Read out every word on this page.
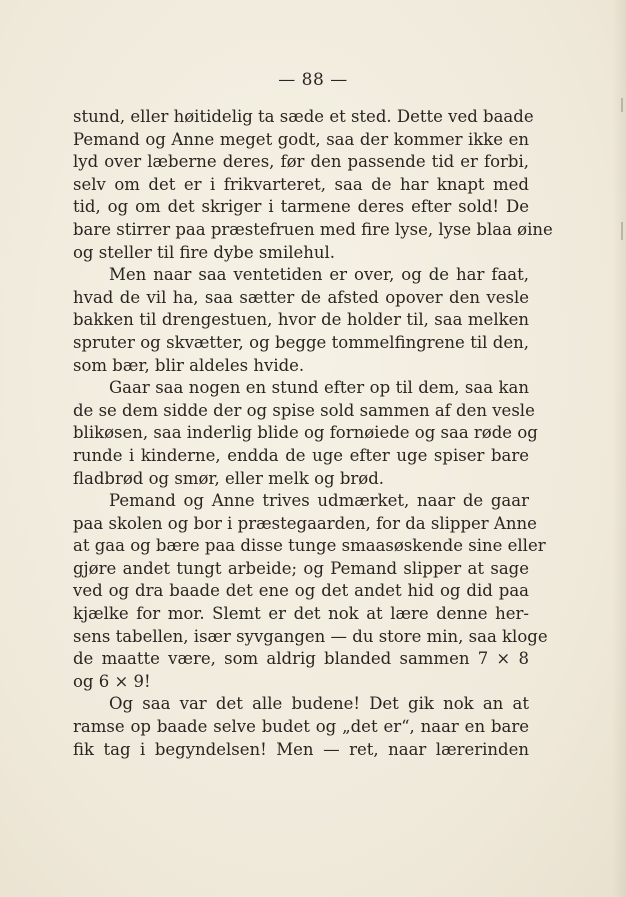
— 88 —
stund, eller høitidelig ta sæde et sted. Dette ved baade
Pemand og Anne meget godt, saa der kommer ikke en
lyd over læberne deres, før den passende tid er forbi,
selv om det er i frikvarteret, saa de har knapt med
tid, og om det skriger i tarmene deres efter sold! De
bare stirrer paa præstefruen med fire lyse, lyse blaa øine
og steller til fire dybe smilehul.
Men naar saa ventetiden er over, og de har faat,
hvad de vil ha, saa sætter de afsted opover den vesle
bakken til drengestuen, hvor de holder til, saa melken
spruter og skvætter, og begge tommelfingrene til den,
som bær, blir aldeles hvide.
Gaar saa nogen en stund efter op til dem, saa kan
de se dem sidde der og spise sold sammen af den vesle
blikøsen, saa inderlig blide og fornøiede og saa røde og
runde i kinderne, endda de uge efter uge spiser bare
fladbrød og smør, eller melk og brød.
Pemand og Anne trives udmærket, naar de gaar
paa skolen og bor i præstegaarden, for da slipper Anne
at gaa og bære paa disse tunge smaasøskende sine eller
gjøre andet tungt arbeide; og Pemand slipper at sage
ved og dra baade det ene og det andet hid og did paa
kjælke for mor. Slemt er det nok at lære denne her-
sens tabellen, især syvgangen — du store min, saa kloge
de maatte være, som aldrig blanded sammen 7 × 8
og 6 × 9!
Og saa var det alle budene! Det gik nok an at
ramse op baade selve budet og „det er“, naar en bare
fik tag i begyndelsen! Men — ret, naar lærerinden
